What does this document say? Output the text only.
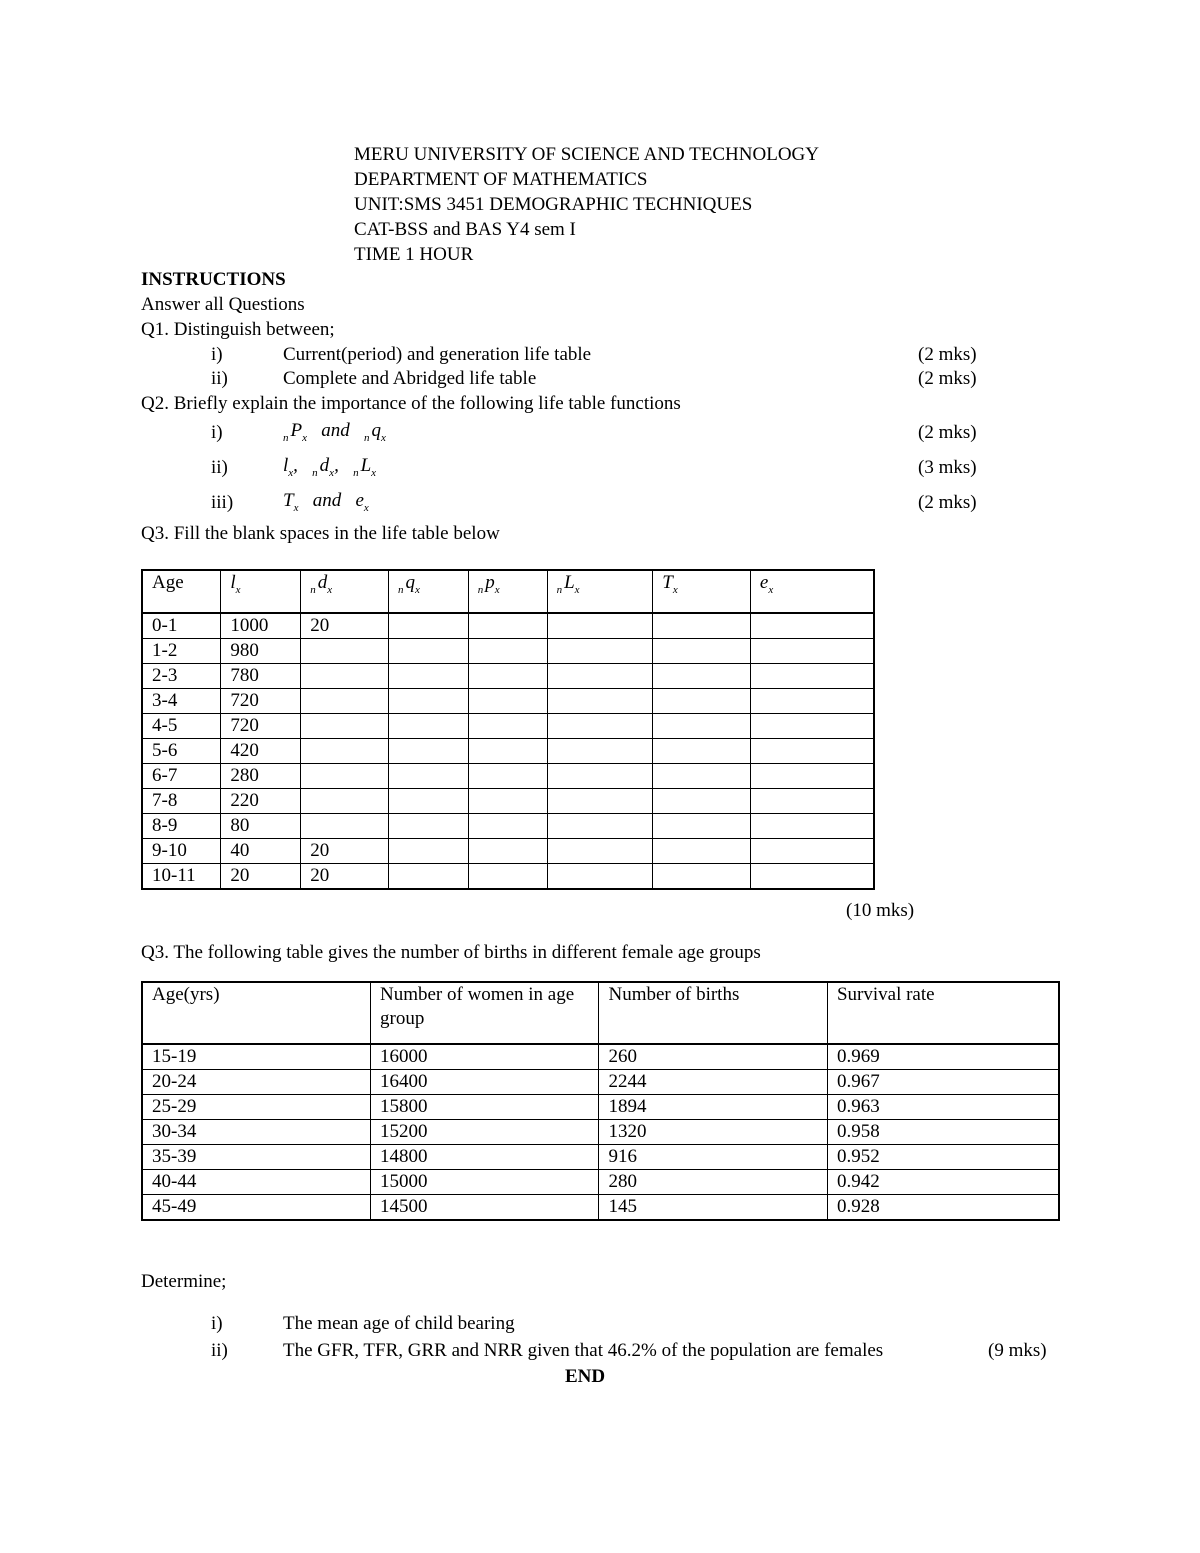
MERU UNIVERSITY OF SCIENCE AND TECHNOLOGY
DEPARTMENT OF MATHEMATICS
UNIT:SMS 3451 DEMOGRAPHIC TECHNIQUES
CAT-BSS and BAS Y4 sem I
TIME 1 HOUR
INSTRUCTIONS
Answer all Questions
Q1. Distinguish between;
i)	Current(period) and generation life table	(2 mks)
ii)	Complete and Abridged life table	(2 mks)
Q2. Briefly explain the importance of the following life table functions
i)	$_n$ $P_x$   and   $_n$ $q_x$	(2 mks)
ii)	$l_x$,   $_n$ $d_x$,   $_n$ $L_x$	(3 mks)
iii)	$T_x$   and   $e_x$	(2 mks)
Q3. Fill the blank spaces in the life table below
Age	$l_x$	$_n$ $d_x$	$_n$ $q_x$	$_n$ $p_x$	$_n$ $L_x$	$T_x$	$e_x$
0-1	1000	20					
1-2	980						
2-3	780						
3-4	720						
4-5	720						
5-6	420						
6-7	280						
7-8	220						
8-9	80						
9-10	40	20					
10-11	20	20					
(10 mks)
Q3. The following table gives the number of births in different female age groups
Age(yrs)	Number of women in age group	Number of births	Survival rate
15-19	16000	260	0.969
20-24	16400	2244	0.967
25-29	15800	1894	0.963
30-34	15200	1320	0.958
35-39	14800	916	0.952
40-44	15000	280	0.942
45-49	14500	145	0.928
Determine;
i)	The mean age of child bearing
ii)	The GFR, TFR, GRR and NRR given that 46.2% of the population are females	(9 mks)
END
